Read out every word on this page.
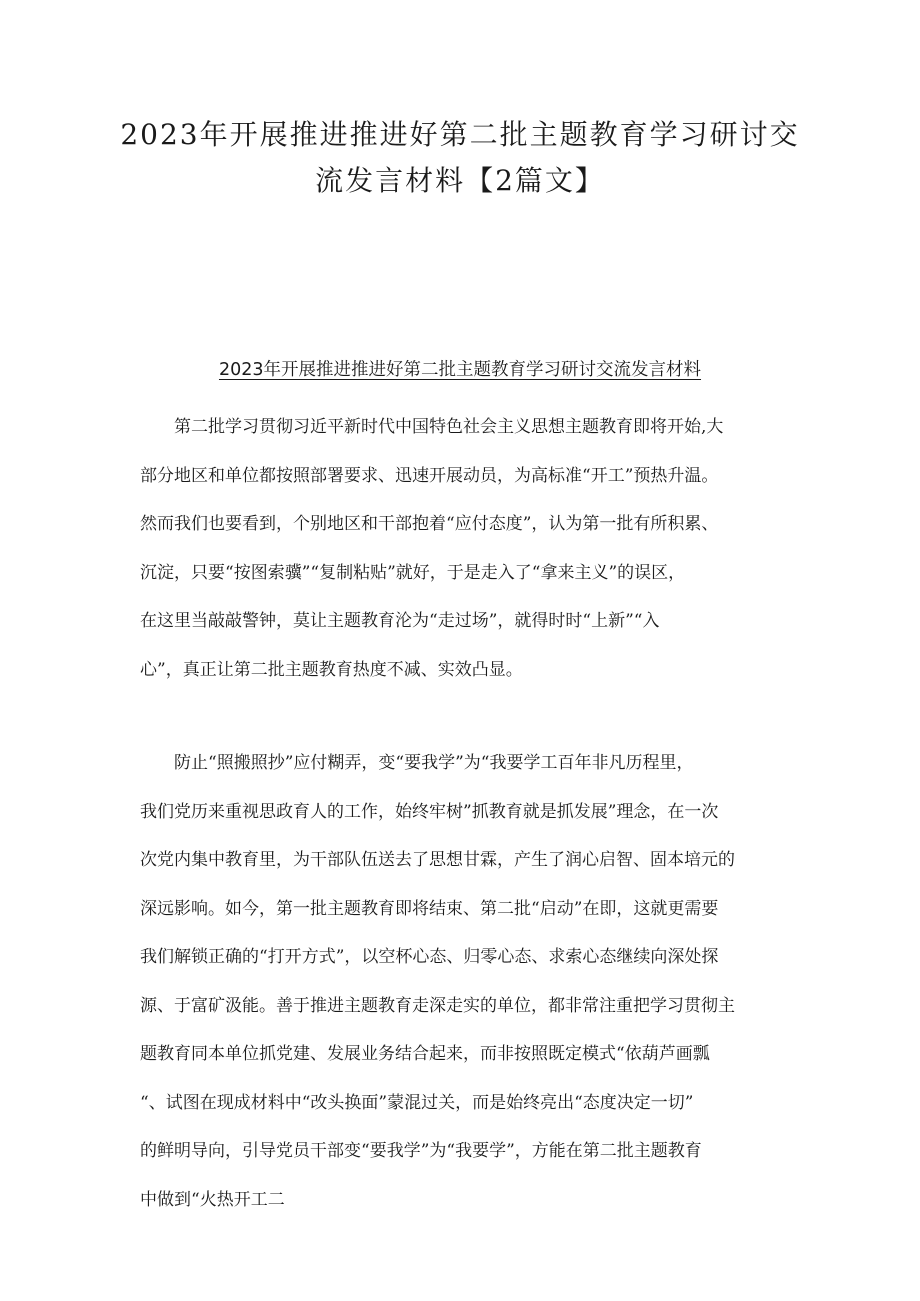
2023年开展推进推进好第二批主题教育学习研讨交
流发言材料【2篇文】
2023年开展推进推进好第二批主题教育学习研讨交流发言材料
　　第二批学习贯彻习近平新时代中国特色社会主义思想主题教育即将开始,大
部分地区和单位都按照部署要求、迅速开展动员，为高标准“开工”预热升温。
然而我们也要看到，个别地区和干部抱着“应付态度”，认为第一批有所积累、
沉淀，只要“按图索骥”“复制粘贴”就好，于是走入了“拿来主义”的误区，
在这里当敲敲警钟，莫让主题教育沦为“走过场”，就得时时“上新”“入
心”，真正让第二批主题教育热度不减、实效凸显。
　　防止“照搬照抄”应付糊弄，变“要我学”为“我要学工百年非凡历程里，
我们党历来重视思政育人的工作，始终牢树”抓教育就是抓发展”理念，在一次
次党内集中教育里，为干部队伍送去了思想甘霖，产生了润心启智、固本培元的
深远影响。如今，第一批主题教育即将结束、第二批“启动”在即，这就更需要
我们解锁正确的“打开方式”，以空杯心态、归零心态、求索心态继续向深处探
源、于富矿汲能。善于推进主题教育走深走实的单位，都非常注重把学习贯彻主
题教育同本单位抓党建、发展业务结合起来，而非按照既定模式“依葫芦画瓢
“、试图在现成材料中“改头换面”蒙混过关，而是始终亮出“态度决定一切”
的鲜明导向，引导党员干部变“要我学”为“我要学”，方能在第二批主题教育
中做到“火热开工二
